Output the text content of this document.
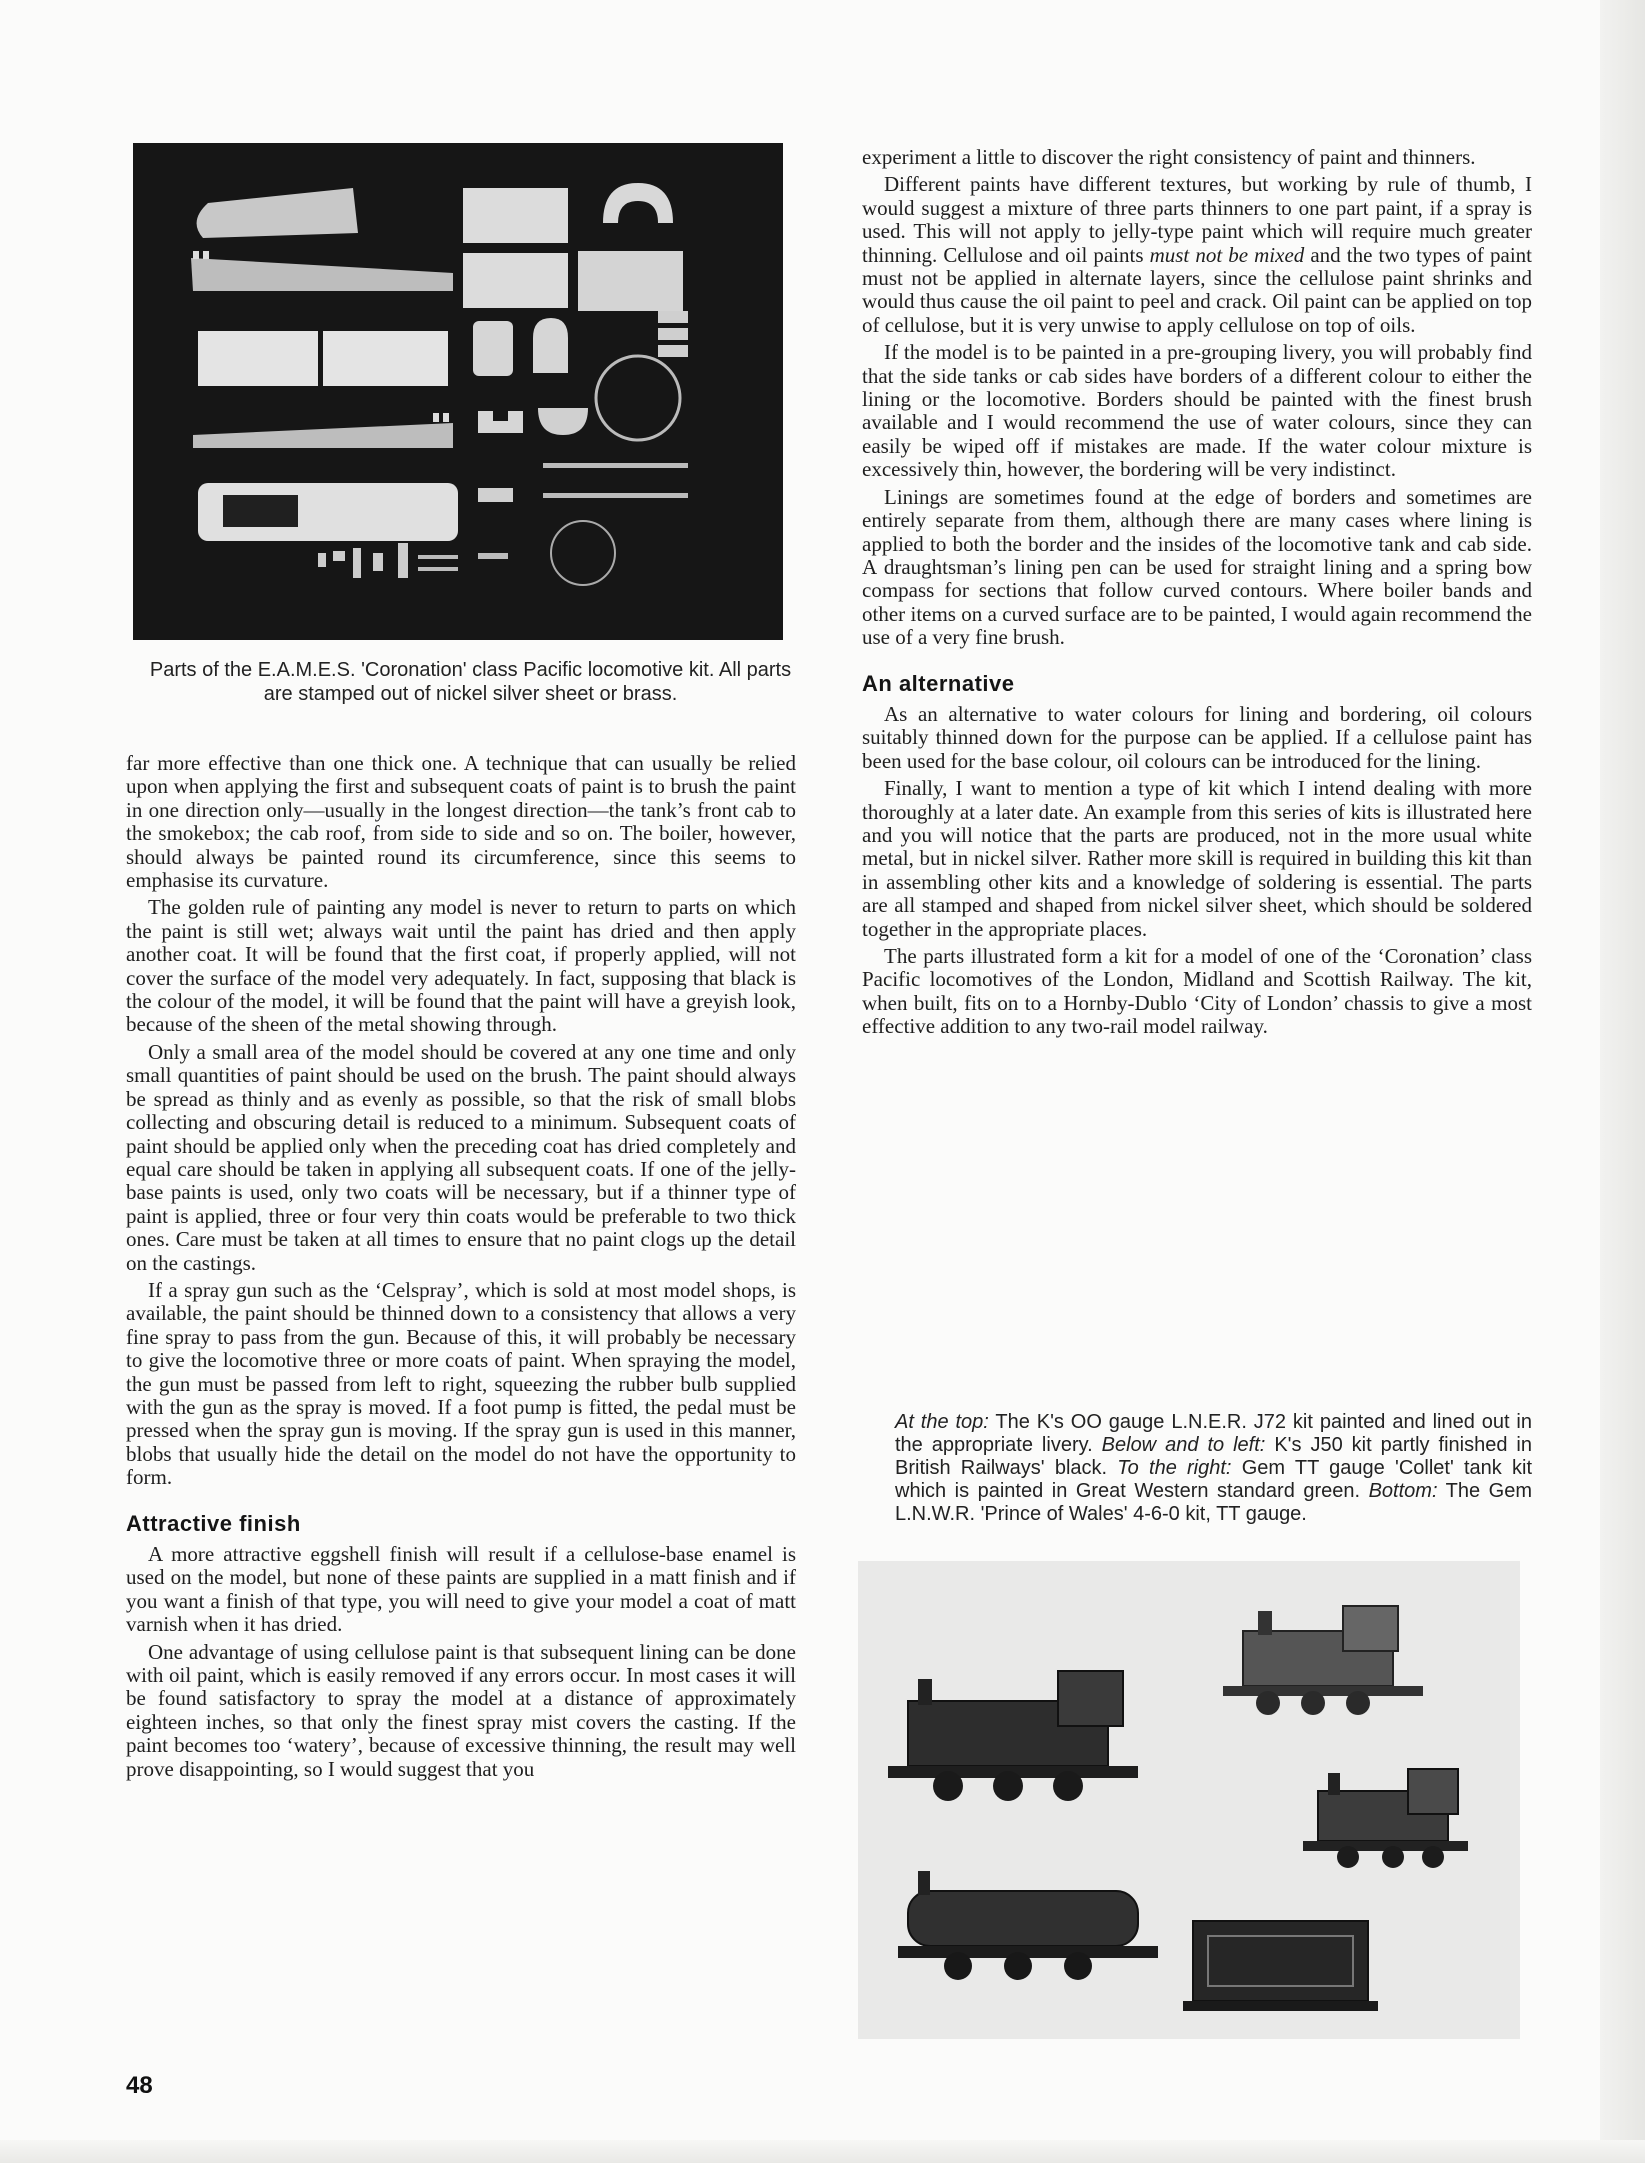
Parts of the E.A.M.E.S. 'Coronation' class Pacific locomotive kit. All parts are stamped out of nickel silver sheet or brass.

far more effective than one thick one. A technique that can usually be relied upon when applying the first and subsequent coats of paint is to brush the paint in one direction only—usually in the longest direction—the tank’s front cab to the smokebox; the cab roof, from side to side and so on. The boiler, however, should always be painted round its circumference, since this seems to emphasise its curvature.

The golden rule of painting any model is never to return to parts on which the paint is still wet; always wait until the paint has dried and then apply another coat. It will be found that the first coat, if properly applied, will not cover the surface of the model very adequately. In fact, supposing that black is the colour of the model, it will be found that the paint will have a greyish look, because of the sheen of the metal showing through.

Only a small area of the model should be covered at any one time and only small quantities of paint should be used on the brush. The paint should always be spread as thinly and as evenly as possible, so that the risk of small blobs collecting and obscuring detail is reduced to a minimum. Subsequent coats of paint should be applied only when the preceding coat has dried completely and equal care should be taken in applying all subsequent coats. If one of the jelly-base paints is used, only two coats will be necessary, but if a thinner type of paint is applied, three or four very thin coats would be preferable to two thick ones. Care must be taken at all times to ensure that no paint clogs up the detail on the castings.

If a spray gun such as the ‘Celspray’, which is sold at most model shops, is available, the paint should be thinned down to a consistency that allows a very fine spray to pass from the gun. Because of this, it will probably be necessary to give the locomotive three or more coats of paint. When spraying the model, the gun must be passed from left to right, squeezing the rubber bulb supplied with the gun as the spray is moved. If a foot pump is fitted, the pedal must be pressed when the spray gun is moving. If the spray gun is used in this manner, blobs that usually hide the detail on the model do not have the opportunity to form.

Attractive finish

A more attractive eggshell finish will result if a cellulose-base enamel is used on the model, but none of these paints are supplied in a matt finish and if you want a finish of that type, you will need to give your model a coat of matt varnish when it has dried.

One advantage of using cellulose paint is that subsequent lining can be done with oil paint, which is easily removed if any errors occur. In most cases it will be found satisfactory to spray the model at a distance of approximately eighteen inches, so that only the finest spray mist covers the casting. If the paint becomes too ‘watery’, because of excessive thinning, the result may well prove disappointing, so I would suggest that you

experiment a little to discover the right consistency of paint and thinners.

Different paints have different textures, but working by rule of thumb, I would suggest a mixture of three parts thinners to one part paint, if a spray is used. This will not apply to jelly-type paint which will require much greater thinning. Cellulose and oil paints must not be mixed and the two types of paint must not be applied in alternate layers, since the cellulose paint shrinks and would thus cause the oil paint to peel and crack. Oil paint can be applied on top of cellulose, but it is very unwise to apply cellulose on top of oils.

If the model is to be painted in a pre-grouping livery, you will probably find that the side tanks or cab sides have borders of a different colour to either the lining or the locomotive. Borders should be painted with the finest brush available and I would recommend the use of water colours, since they can easily be wiped off if mistakes are made. If the water colour mixture is excessively thin, however, the bordering will be very indistinct.

Linings are sometimes found at the edge of borders and sometimes are entirely separate from them, although there are many cases where lining is applied to both the border and the insides of the locomotive tank and cab side. A draughtsman’s lining pen can be used for straight lining and a spring bow compass for sections that follow curved contours. Where boiler bands and other items on a curved surface are to be painted, I would again recommend the use of a very fine brush.

An alternative

As an alternative to water colours for lining and bordering, oil colours suitably thinned down for the purpose can be applied. If a cellulose paint has been used for the base colour, oil colours can be introduced for the lining.

Finally, I want to mention a type of kit which I intend dealing with more thoroughly at a later date. An example from this series of kits is illustrated here and you will notice that the parts are produced, not in the more usual white metal, but in nickel silver. Rather more skill is required in building this kit than in assembling other kits and a knowledge of soldering is essential. The parts are all stamped and shaped from nickel silver sheet, which should be soldered together in the appropriate places.

The parts illustrated form a kit for a model of one of the ‘Coronation’ class Pacific locomotives of the London, Midland and Scottish Railway. The kit, when built, fits on to a Hornby-Dublo ‘City of London’ chassis to give a most effective addition to any two-rail model railway.

At the top: The K's OO gauge L.N.E.R. J72 kit painted and lined out in the appropriate livery. Below and to left: K's J50 kit partly finished in British Railways' black. To the right: Gem TT gauge 'Collet' tank kit which is painted in Great Western standard green. Bottom: The Gem L.N.W.R. 'Prince of Wales' 4-6-0 kit, TT gauge.
48
